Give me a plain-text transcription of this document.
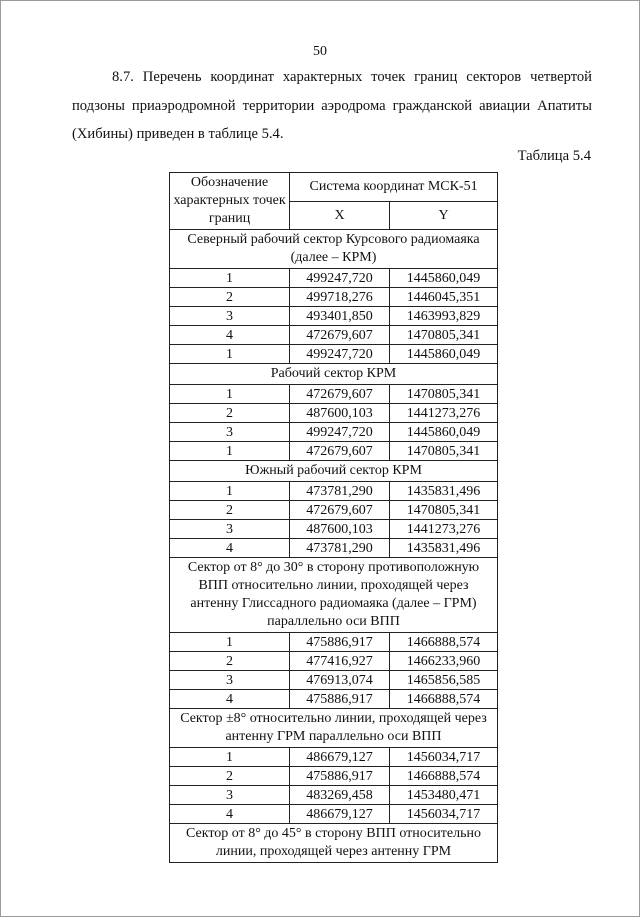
50

8.7. Перечень координат характерных точек границ секторов четвертой подзоны приаэродромной территории аэродрома гражданской авиации Апатиты (Хибины) приведен в таблице 5.4.

Таблица 5.4
Обозначение характерных точек границ	Система координат МСК-51	
	X	Y
Северный рабочий сектор Курсового радиомаяка (далее – КРМ)		
1	499247,720	1445860,049
2	499718,276	1446045,351
3	493401,850	1463993,829
4	472679,607	1470805,341
1	499247,720	1445860,049
Рабочий сектор КРМ		
1	472679,607	1470805,341
2	487600,103	1441273,276
3	499247,720	1445860,049
1	472679,607	1470805,341
Южный рабочий сектор КРМ		
1	473781,290	1435831,496
2	472679,607	1470805,341
3	487600,103	1441273,276
4	473781,290	1435831,496
Сектор от 8° до 30° в сторону противоположную ВПП относительно линии, проходящей через антенну Глиссадного радиомаяка (далее – ГРМ) параллельно оси ВПП		
1	475886,917	1466888,574
2	477416,927	1466233,960
3	476913,074	1465856,585
4	475886,917	1466888,574
Сектор ±8° относительно линии, проходящей через антенну ГРМ параллельно оси ВПП		
1	486679,127	1456034,717
2	475886,917	1466888,574
3	483269,458	1453480,471
4	486679,127	1456034,717
Сектор от 8° до 45° в сторону ВПП относительно линии, проходящей через антенну ГРМ		
